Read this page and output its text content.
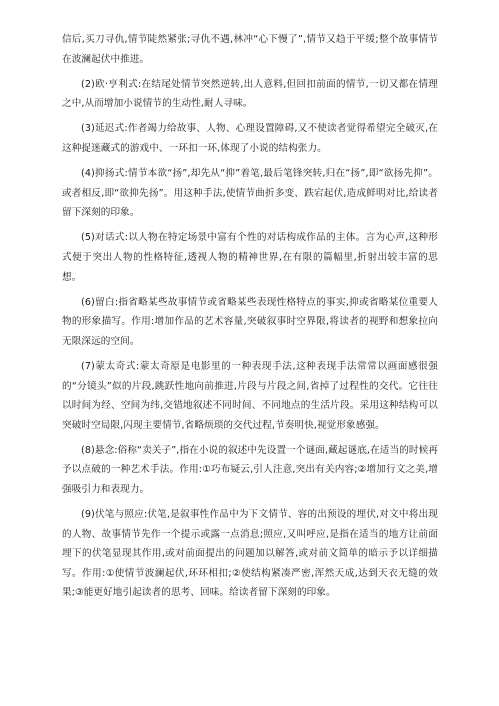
信后,买刀寻仇,情节陡然紧张;寻仇不遇,林冲“心下慢了”,情节又趋于平缓;整个故事情节在波澜起伏中推进。

(2)欧·亨利式:在结尾处情节突然逆转,出人意料,但回扣前面的情节,一切又都在情理之中,从而增加小说情节的生动性,耐人寻味。

(3)延迟式:作者竭力给故事、人物、心理设置障碍,又不使读者觉得希望完全破灭,在这种捉迷藏式的游戏中、一环扣一环,体现了小说的结构张力。

(4)抑扬式:情节本欲“扬”,却先从“抑”着笔,最后笔锋突转,归在“扬”,即“欲扬先抑”。或者相反,即“欲抑先扬”。用这种手法,使情节曲折多变、跌宕起伏,造成鲜明对比,给读者留下深刻的印象。

(5)对话式:以人物在特定场景中富有个性的对话构成作品的主体。言为心声,这种形式便于突出人物的性格特征,透视人物的精神世界,在有限的篇幅里,折射出较丰富的思想。

(6)留白:指省略某些故事情节或省略某些表现性格特点的事实,抑或省略某位重要人物的形象描写。作用:增加作品的艺术容量,突破叙事时空界限,将读者的视野和想象拉向无限深远的空间。

(7)蒙太奇式:蒙太奇原是电影里的一种表现手法,这种表现手法常常以画面感很强的“分镜头”似的片段,跳跃性地向前推进,片段与片段之间,省掉了过程性的交代。它往往以时间为经、空间为纬,交错地叙述不同时间、不同地点的生活片段。采用这种结构可以突破时空局限,闪现主要情节,省略烦琐的交代过程,节奏明快,视觉形象感强。

(8)悬念:俗称“卖关子”,指在小说的叙述中先设置一个谜面,藏起谜底,在适当的时候再予以点破的一种艺术手法。作用:①巧布疑云,引人注意,突出有关内容;②增加行文之美,增强吸引力和表现力。

(9)伏笔与照应:伏笔,是叙事性作品中为下文情节、容的出预设的埋伏,对文中将出现的人物、故事情节先作一个提示或露一点消息;照应,又叫呼应,是指在适当的地方让前面埋下的伏笔显现其作用,或对前面提出的问题加以解答,或对前文简单的暗示予以详细描写。作用:①使情节波澜起伏,环环相扣;②使结构紧凑严密,浑然天成,达到天衣无缝的效果;③能更好地引起读者的思考、回味。给读者留下深刻的印象。
